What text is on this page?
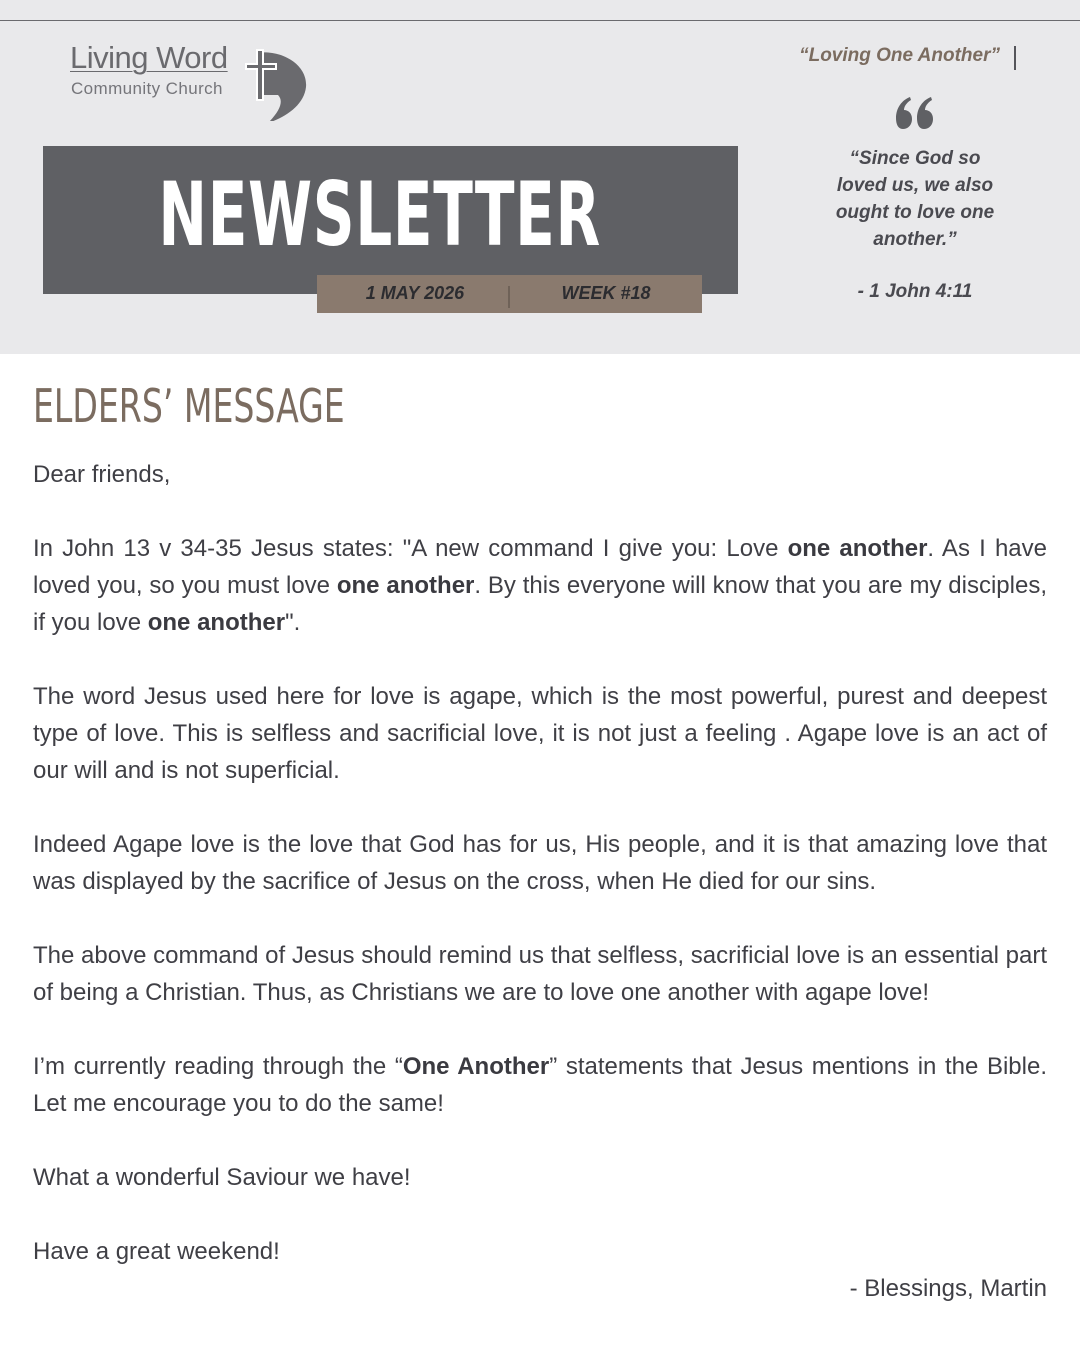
Living Word
Community Church
NEWSLETTER
1 MAY 2026	WEEK #18
“Loving One Another”
“Since God so
loved us, we also
ought to love one
another.”
- 1 John 4:11
ELDERS’ MESSAGE

Dear friends,

In John 13 v 34-35 Jesus states: "A new command I give you: Love one another. As I have loved you, so you must love one another. By this everyone will know that you are my disciples, if you love one another".

The word Jesus used here for love is agape, which is the most powerful, purest and deepest type of love. This is selfless and sacrificial love, it is not just a feeling . Agape love is an act of our will and is not superficial.

Indeed Agape love is the love that God has for us, His people, and it is that amazing love that was displayed by the sacrifice of Jesus on the cross, when He died for our sins.

The above command of Jesus should remind us that selfless, sacrificial love is an essential part of being a Christian. Thus, as Christians we are to love one another with agape love!

I’m currently reading through the “One Another” statements that Jesus mentions in the Bible. Let me encourage you to do the same!

What a wonderful Saviour we have!

Have a great weekend!

- Blessings, Martin
